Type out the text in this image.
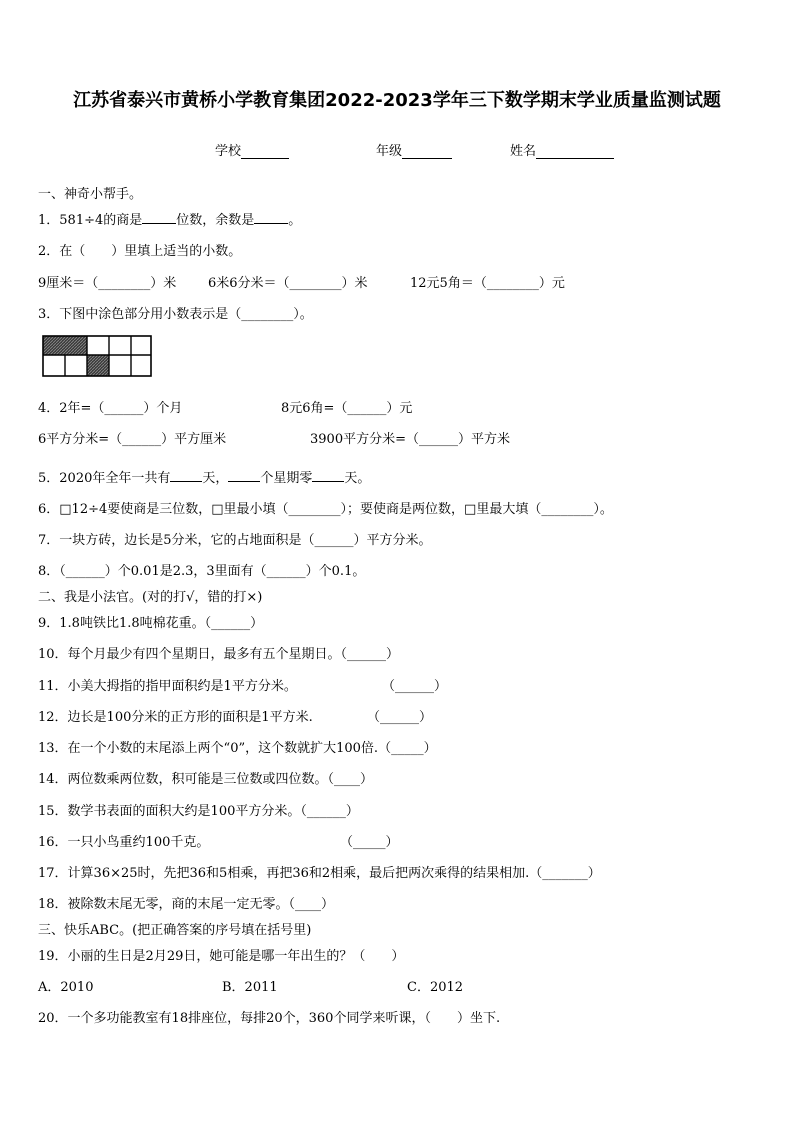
江苏省泰兴市黄桥小学教育集团2022-2023学年三下数学期末学业质量监测试题
学校	年级	姓名
一、神奇小帮手。
1．581÷4的商是	位数，余数是	。
2．在（　　）里填上适当的小数。
9厘米＝（________）米 6米6分米＝（________）米	12元5角＝（________）元
3．下图中涂色部分用小数表示是（________）。
4．2年=（______）个月	8元6角=（______）元
6平方分米=（______）平方厘米	3900平方分米=（______）平方米
5．2020年全年一共有 天， 个星期零 天。
6．□12÷4要使商是三位数，□里最小填（________）；要使商是两位数，□里最大填（________）。
7．一块方砖，边长是5分米，它的占地面积是（______）平方分米。
8．（______）个0.01是2.3，3里面有（______）个0.1。
二、我是小法官。(对的打√，错的打×)
9．1.8吨铁比1.8吨棉花重。（______）
10．每个月最少有四个星期日，最多有五个星期日。（______）
11．小美大拇指的指甲面积约是1平方分米。	（______）
12．边长是100分米的正方形的面积是1平方米.	（______）
13．在一个小数的末尾添上两个“0”，这个数就扩大100倍.（_____）
14．两位数乘两位数，积可能是三位数或四位数。（____）
15．数学书表面的面积大约是100平方分米。（______）
16．一只小鸟重约100千克。	（_____）
17．计算36×25时，先把36和5相乘，再把36和2相乘，最后把两次乘得的结果相加.（_______）
18．被除数末尾无零，商的末尾一定无零。（____）
三、快乐ABC。(把正确答案的序号填在括号里)
19．小丽的生日是2月29日，她可能是哪一年出生的？（　　）
A．2010	B．2011	C．2012
20．一个多功能教室有18排座位，每排20个，360个同学来听课，（　　）坐下.
